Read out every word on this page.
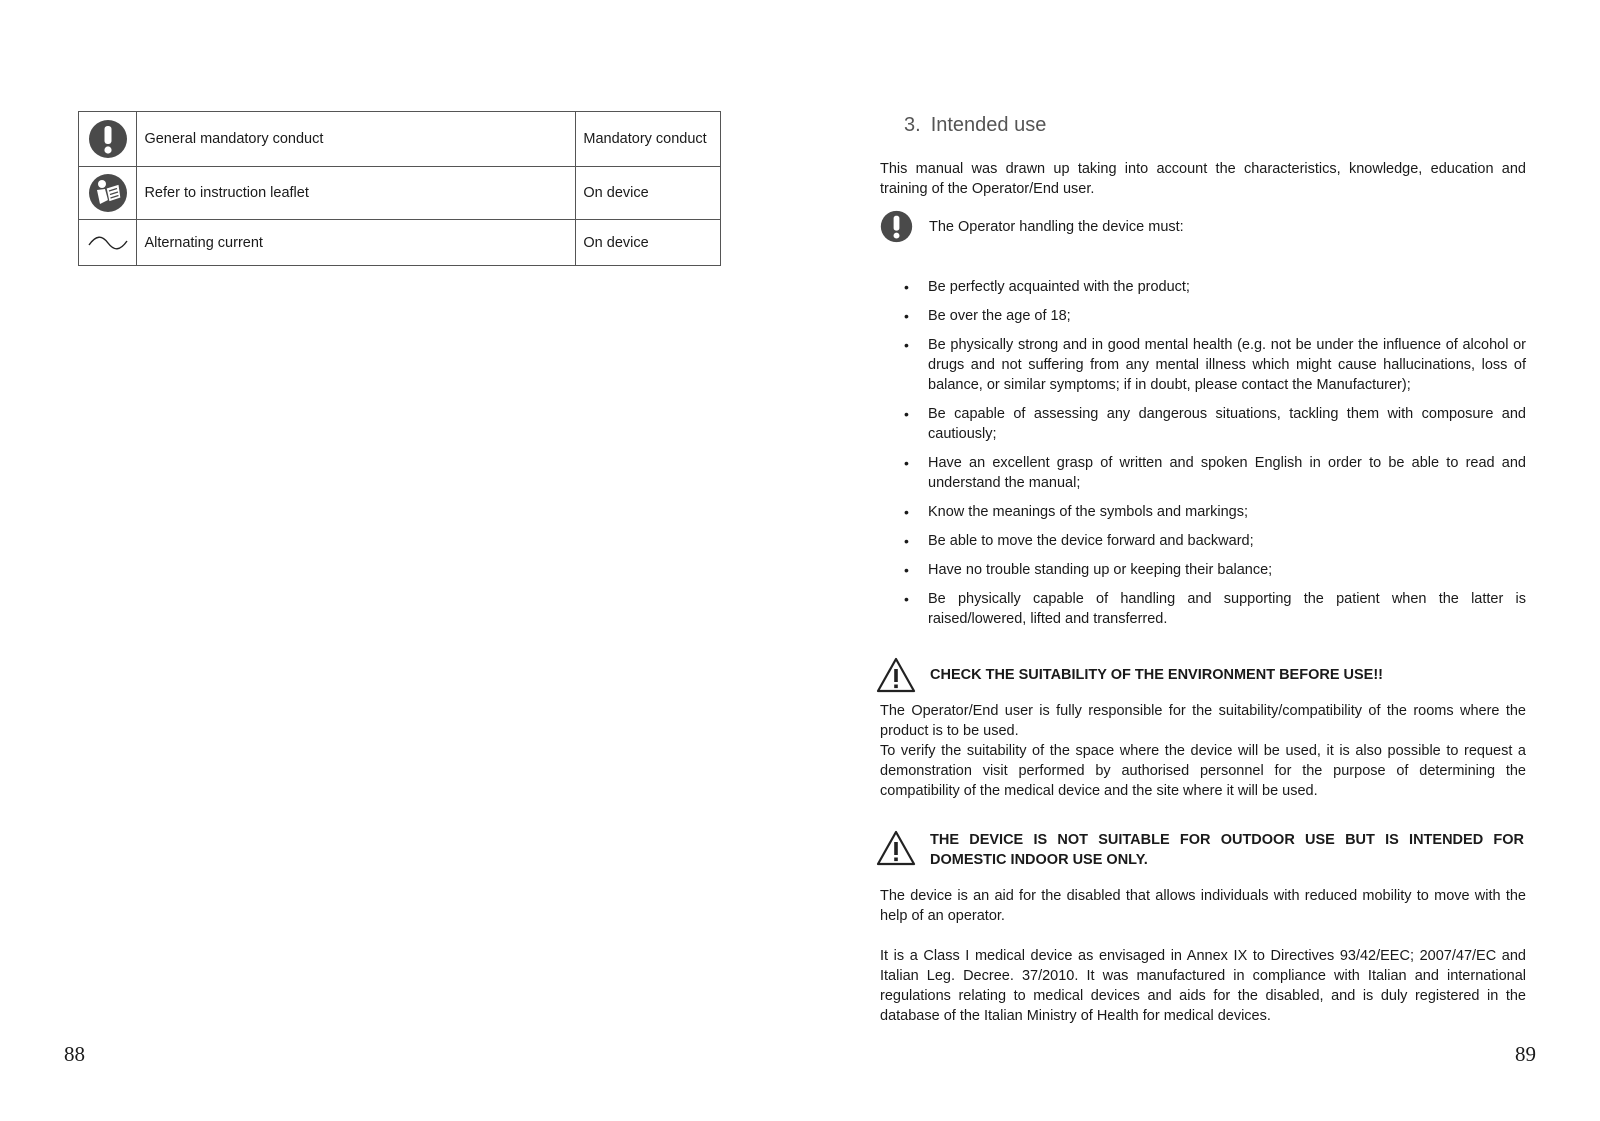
	General mandatory conduct	Mandatory conduct

	Refer to instruction leaflet	On device

	Alternating current	On device
88
3. Intended use

This manual was drawn up taking into account the characteristics, knowledge, education and training of the Operator/End user.

The Operator handling the device must:
• Be perfectly acquainted with the product;
• Be over the age of 18;
• Be physically strong and in good mental health (e.g. not be under the influence of alcohol or drugs and not suffering from any mental illness which might cause hallucinations, loss of balance, or similar symptoms; if in doubt, please contact the Manufacturer);
• Be capable of assessing any dangerous situations, tackling them with composure and cautiously;
• Have an excellent grasp of written and spoken English in order to be able to read and understand the manual;
• Know the meanings of the symbols and markings;
• Be able to move the device forward and backward;
• Have no trouble standing up or keeping their balance;
• Be physically capable of handling and supporting the patient when the latter is raised/lowered, lifted and transferred.
CHECK THE SUITABILITY OF THE ENVIRONMENT BEFORE USE!!

The Operator/End user is fully responsible for the suitability/compatibility of the rooms where the product is to be used.

To verify the suitability of the space where the device will be used, it is also possible to request a demonstration visit performed by authorised personnel for the purpose of determining the compatibility of the medical device and the site where it will be used.

THE DEVICE IS NOT SUITABLE FOR OUTDOOR USE BUT IS INTENDED FOR DOMESTIC INDOOR USE ONLY.

The device is an aid for the disabled that allows individuals with reduced mobility to move with the help of an operator.

It is a Class I medical device as envisaged in Annex IX to Directives 93/42/EEC; 2007/47/EC and Italian Leg. Decree. 37/2010. It was manufactured in compliance with Italian and international regulations relating to medical devices and aids for the disabled, and is duly registered in the database of the Italian Ministry of Health for medical devices.

89
